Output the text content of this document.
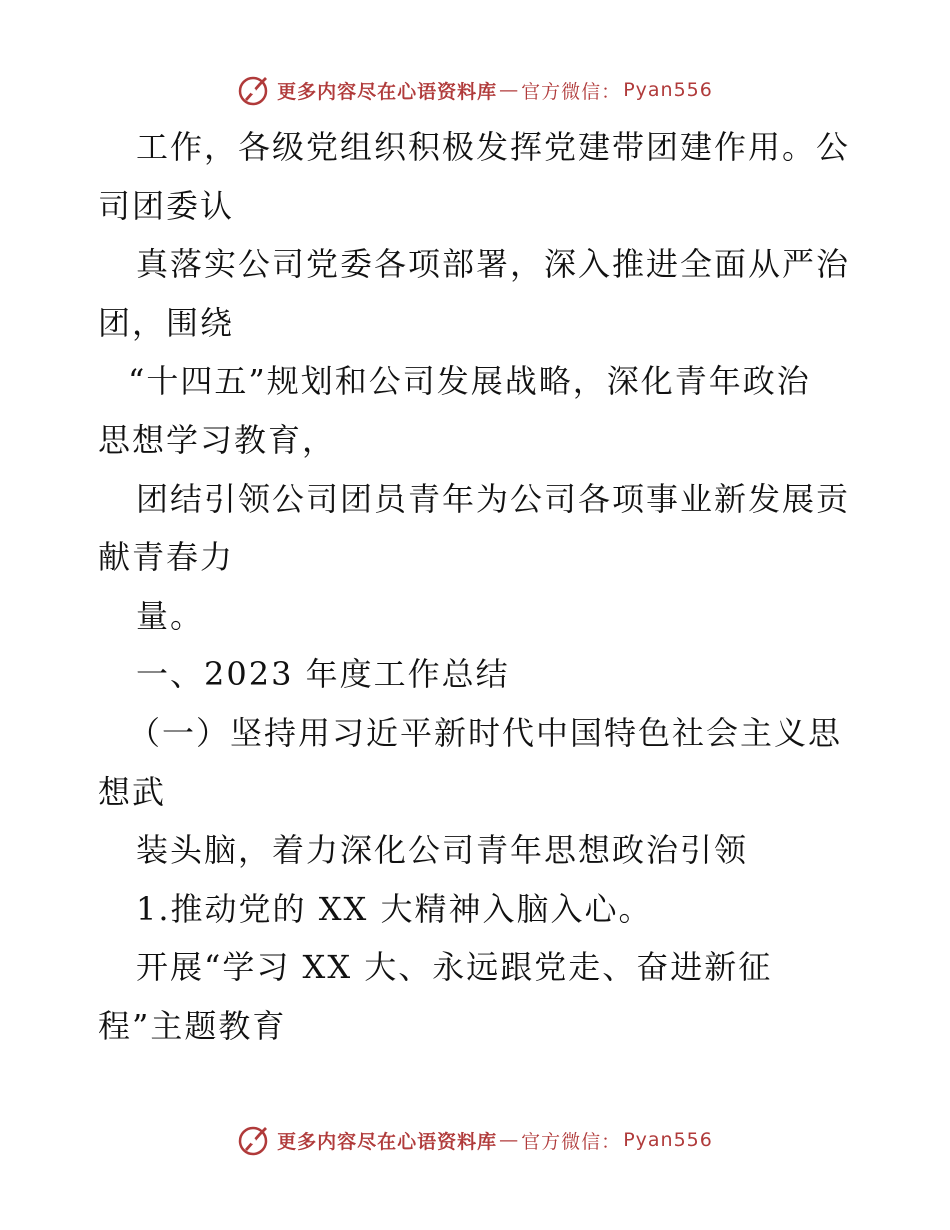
更多内容尽在心语资料库 — 官方微信： Pyan556
工作，各级党组织积极发挥党建带团建作用。公
司团委认
真落实公司党委各项部署，深入推进全面从严治
团，围绕
“十四五”规划和公司发展战略，深化青年政治
思想学习教育，
团结引领公司团员青年为公司各项事业新发展贡
献青春力
量。
一、2023 年度工作总结
（一）坚持用习近平新时代中国特色社会主义思
想武
装头脑，着力深化公司青年思想政治引领
1.推动党的 XX 大精神入脑入心。
开展“学习 XX 大、永远跟党走、奋进新征
程”主题教育
更多内容尽在心语资料库 — 官方微信： Pyan556
